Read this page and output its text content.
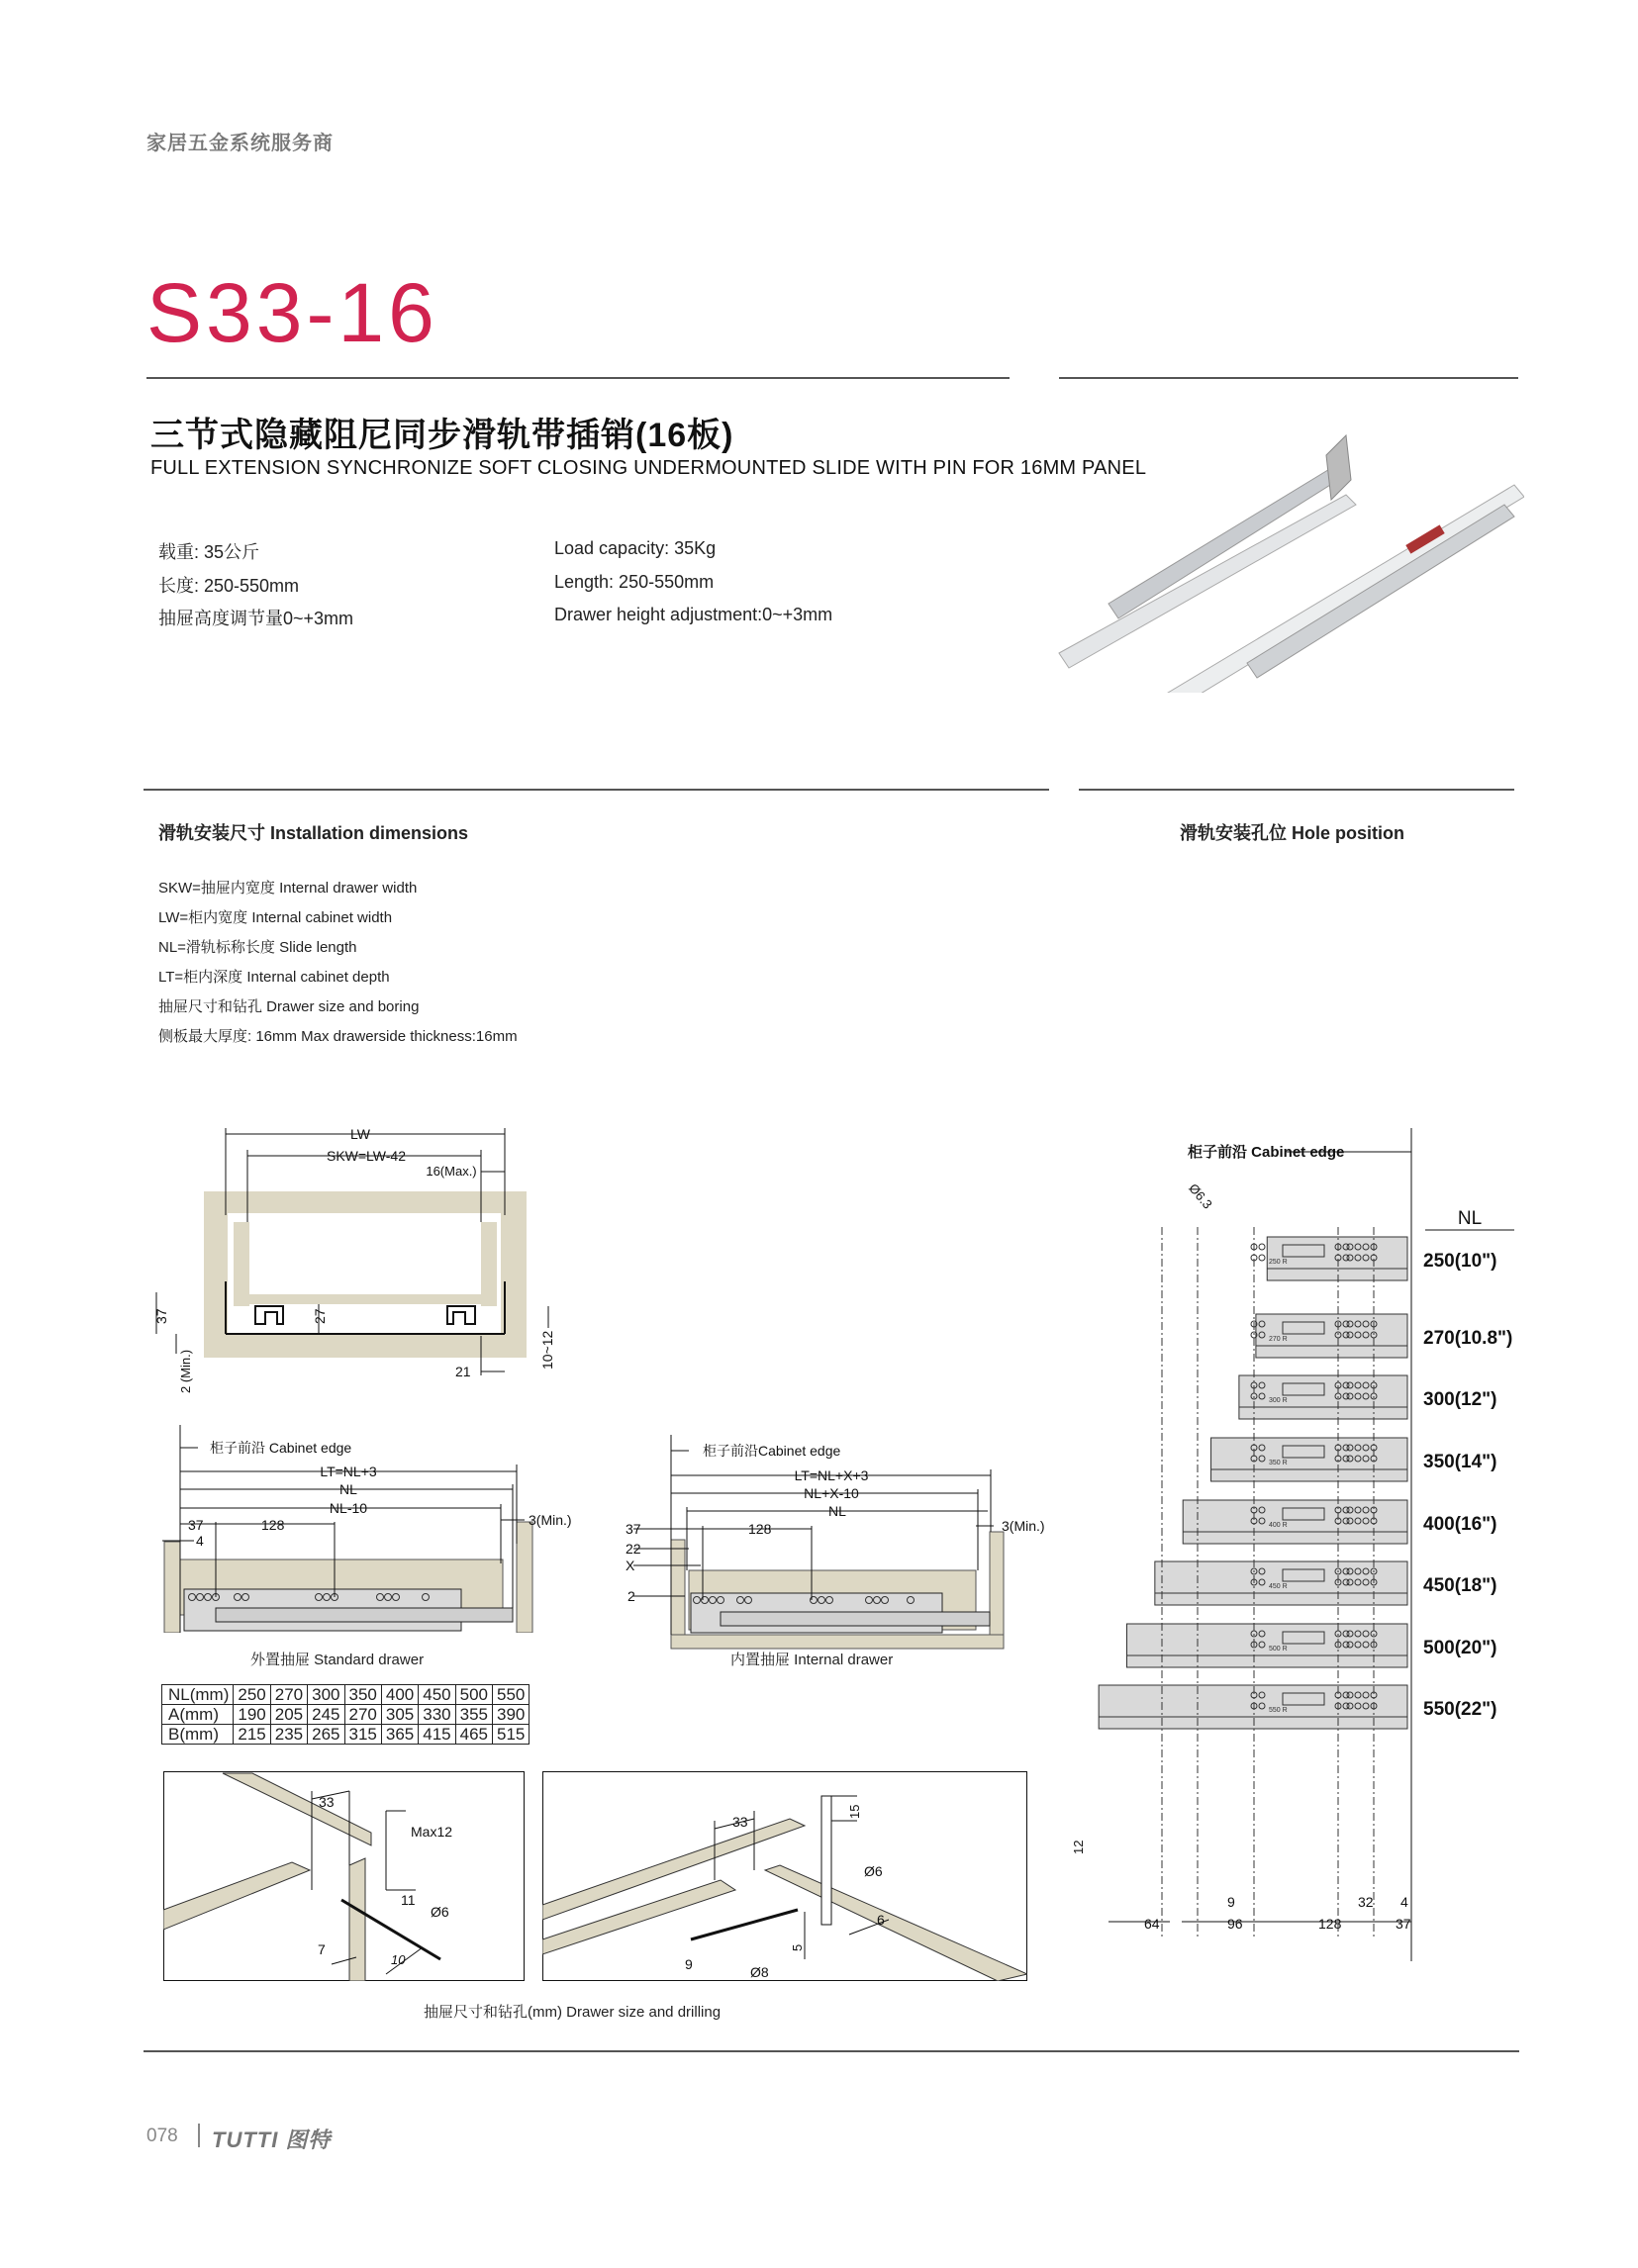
家居五金系统服务商
S33-16
三节式隐藏阻尼同步滑轨带插销(16板)
FULL EXTENSION SYNCHRONIZE SOFT CLOSING UNDERMOUNTED SLIDE WITH PIN FOR 16MM PANEL
载重: 35公斤
长度: 250-550mm
抽屉高度调节量0~+3mm
Load capacity: 35Kg
Length: 250-550mm
Drawer height adjustment:0~+3mm
滑轨安装尺寸 Installation dimensions
SKW=抽屉内宽度 Internal drawer width
LW=柜内宽度 Internal cabinet width
NL=滑轨标称长度 Slide length
LT=柜内深度 Internal cabinet depth
抽屉尺寸和钻孔 Drawer size and boring
侧板最大厚度: 16mm Max drawerside thickness:16mm
滑轨安装孔位 Hole position
LW
SKW=LW-42
16(Max.)
37	27
2 (Min.)	21
10~12
柜子前沿 Cabinet edge
LT=NL+3
NL
NL-10
37	128
4
3(Min.)
外置抽屉 Standard drawer
柜子前沿Cabinet edge
LT=NL+X+3
NL+X-10
NL
37	128
22
X
2
3(Min.)
内置抽屉 Internal drawer
NL(mm)	250	270	300	350	400	450	500	550
A(mm)	190	205	245	270	305	330	355	390
B(mm)	215	235	265	315	365	415	465	515
33
Max12
11
Ø6
7
10
33
15
Ø6
6
5
9	Ø8
抽屉尺寸和钻孔(mm) Drawer size and drilling
柜子前沿 Cabinet edge
Ø6.3
NL
250 R	250(10")
270 R	270(10.8")
300 R	300(12")
350 R	350(14")
400 R	400(16")
450 R	450(18")
500 R	500(20")
550 R	550(22")
9	32 4
64	96	128	37
12
078 TUTTI 图特
